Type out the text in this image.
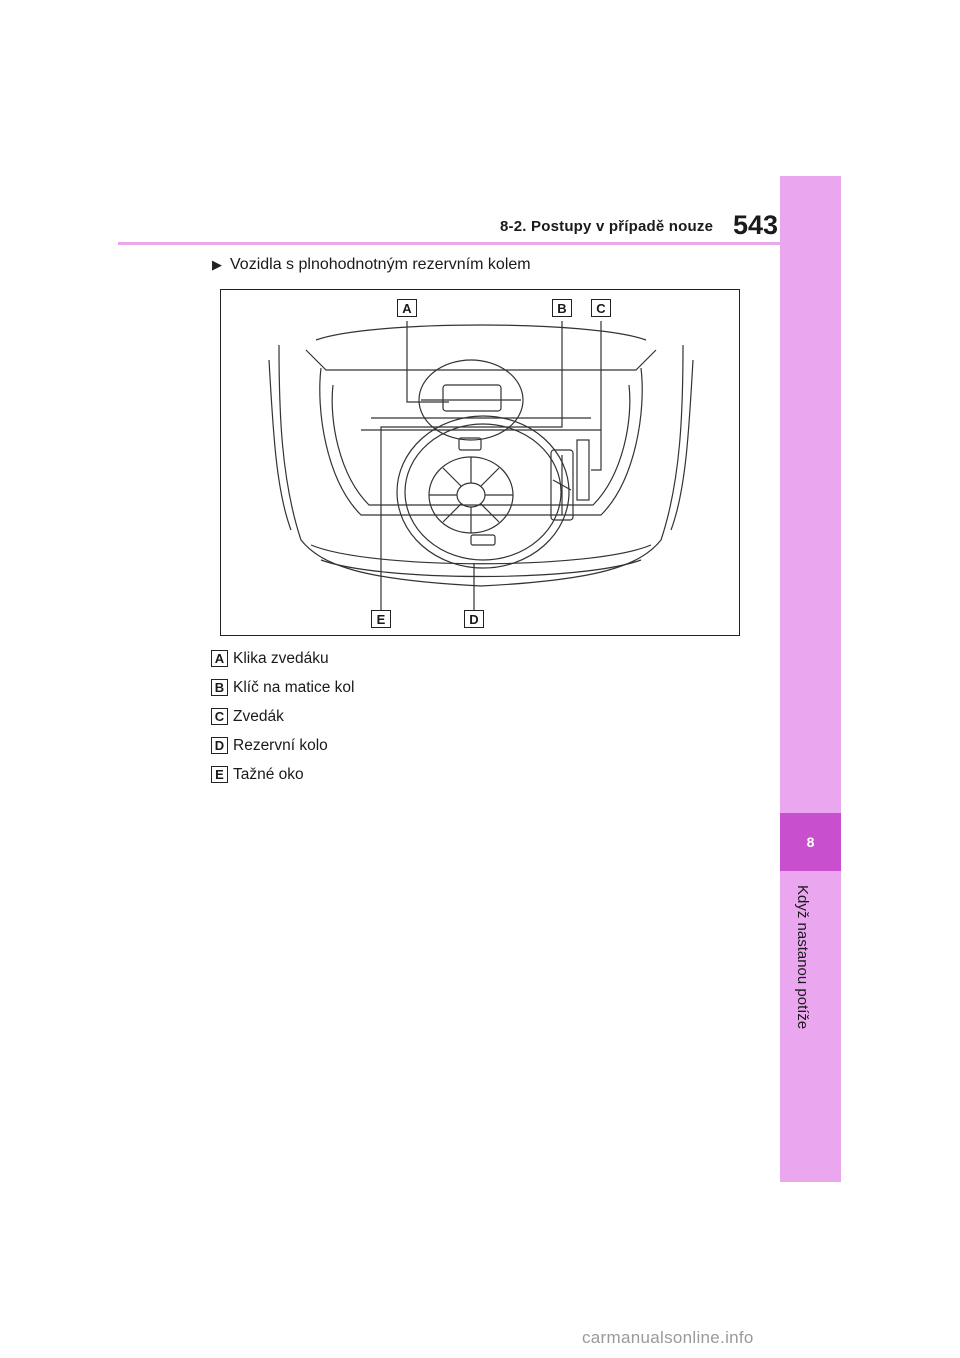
8-2. Postupy v případě nouze 543
8
Když nastanou potíže
▶ Vozidla s plnohodnotným rezervním kolem
A	B	C
D
E
A Klika zvedáku
B Klíč na matice kol
C Zvedák
D Rezervní kolo
E Tažné oko
carmanualsonline.info
